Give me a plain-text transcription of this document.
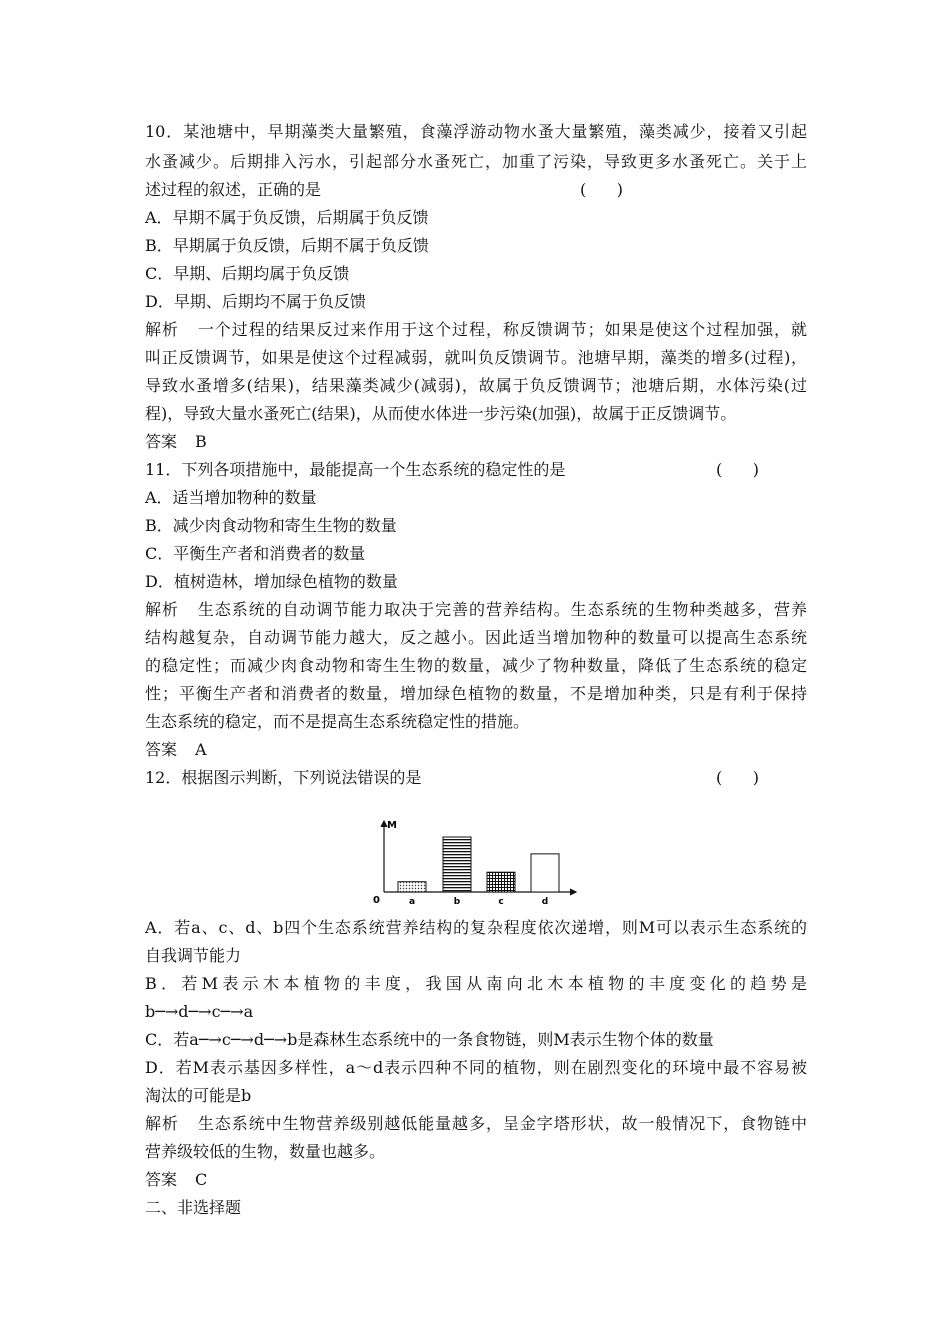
10．某池塘中，早期藻类大量繁殖，食藻浮游动物水蚤大量繁殖，藻类减少，接着又引起
水蚤减少。后期排入污水，引起部分水蚤死亡，加重了污染，导致更多水蚤死亡。关于上
述过程的叙述，正确的是	(      )
A．早期不属于负反馈，后期属于负反馈
B．早期属于负反馈，后期不属于负反馈
C．早期、后期均属于负反馈
D．早期、后期均不属于负反馈
解析 一个过程的结果反过来作用于这个过程，称反馈调节；如果是使这个过程加强，就
叫正反馈调节，如果是使这个过程减弱，就叫负反馈调节。池塘早期，藻类的增多(过程)，
导致水蚤增多(结果)，结果藻类减少(减弱)，故属于负反馈调节；池塘后期，水体污染(过
程)，导致大量水蚤死亡(结果)，从而使水体进一步污染(加强)，故属于正反馈调节。
答案 B
11．下列各项措施中，最能提高一个生态系统的稳定性的是	(      )
A．适当增加物种的数量
B．减少肉食动物和寄生生物的数量
C．平衡生产者和消费者的数量
D．植树造林，增加绿色植物的数量
解析 生态系统的自动调节能力取决于完善的营养结构。生态系统的生物种类越多，营养
结构越复杂，自动调节能力越大，反之越小。因此适当增加物种的数量可以提高生态系统
的稳定性；而减少肉食动物和寄生生物的数量，减少了物种数量，降低了生态系统的稳定
性；平衡生产者和消费者的数量，增加绿色植物的数量，不是增加种类，只是有利于保持
生态系统的稳定，而不是提高生态系统稳定性的措施。
答案 A
12．根据图示判断，下列说法错误的是	(      )
M
0	a	b	c	d
A．若a、c、d、b四个生态系统营养结构的复杂程度依次递增，则M可以表示生态系统的
自我调节能力
B．若M表示木本植物的丰度，我国从南向北木本植物的丰度变化的趋势是
b─→d─→c─→a
C．若a─→c─→d─→b是森林生态系统中的一条食物链，则M表示生物个体的数量
D．若M表示基因多样性，a～d表示四种不同的植物，则在剧烈变化的环境中最不容易被
淘汰的可能是b
解析 生态系统中生物营养级别越低能量越多，呈金字塔形状，故一般情况下，食物链中
营养级较低的生物，数量也越多。
答案 C
二、非选择题
